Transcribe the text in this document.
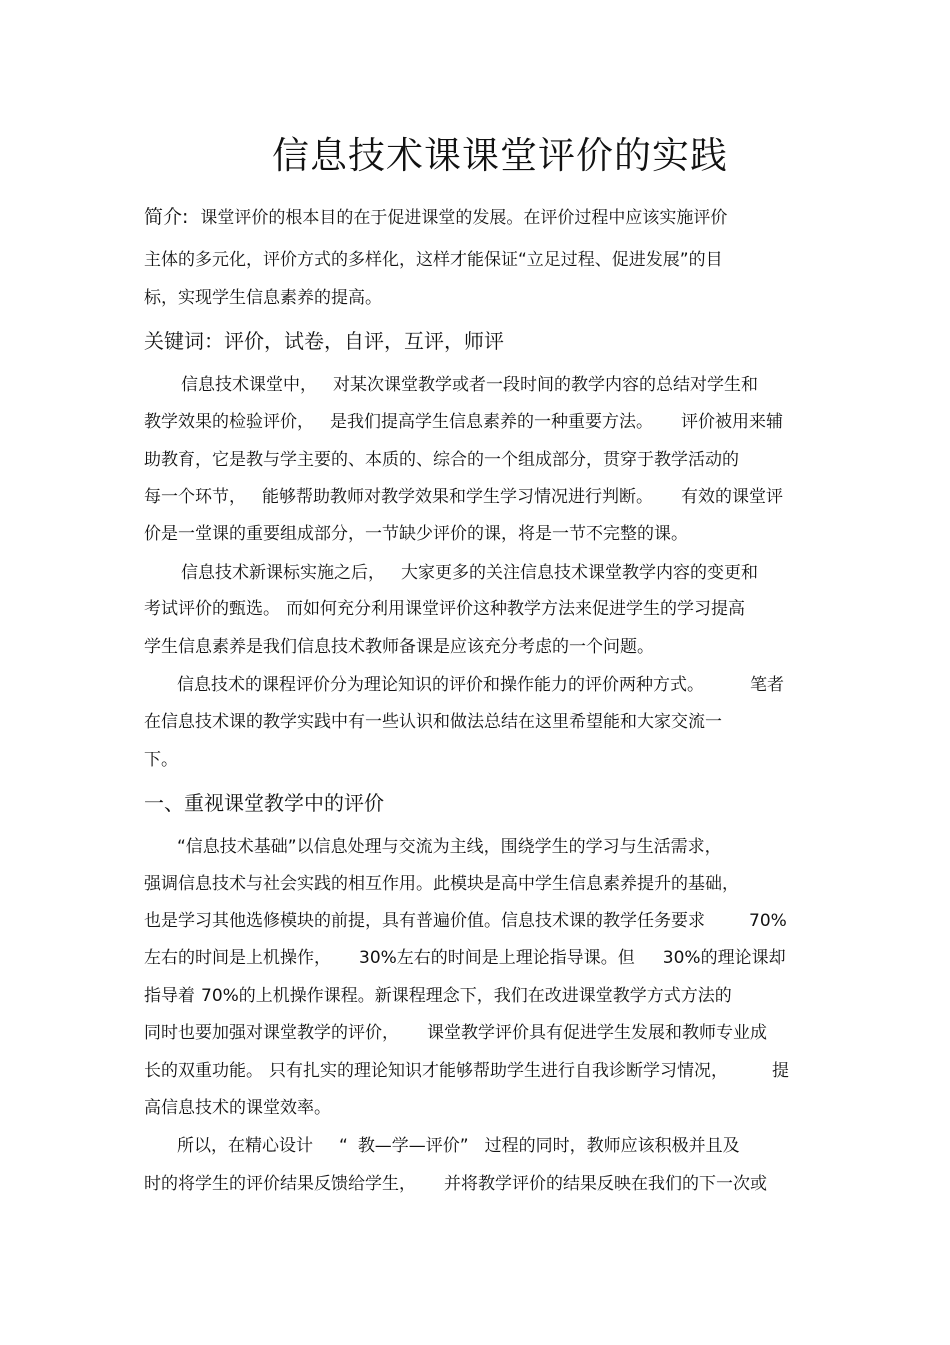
信息技术课课堂评价的实践
简介: 课堂评价的根本目的在于促进课堂的发展。在评价过程中应该实施评价
主体的多元化，评价方式的多样化，这样才能保证“立足过程、促进发展”的目
标，实现学生信息素养的提高。
关键词：评价，试卷，自评，互评，师评
信息技术课堂中， 对某次课堂教学或者一段时间的教学内容的总结对学生和
教学效果的检验评价， 是我们提高学生信息素养的一种重要方法。 评价被用来辅
助教育，它是教与学主要的、本质的、综合的一个组成部分，贯穿于教学活动的
每一个环节， 能够帮助教师对教学效果和学生学习情况进行判断。 有效的课堂评
价是一堂课的重要组成部分，一节缺少评价的课，将是一节不完整的课。
信息技术新课标实施之后， 大家更多的关注信息技术课堂教学内容的变更和
考试评价的甄选。 而如何充分利用课堂评价这种教学方法来促进学生的学习提高
学生信息素养是我们信息技术教师备课是应该充分考虑的一个问题。
信息技术的课程评价分为理论知识的评价和操作能力的评价两种方式。	笔者
在信息技术课的教学实践中有一些认识和做法总结在这里希望能和大家交流一
下。
一、重视课堂教学中的评价
“信息技术基础”以信息处理与交流为主线，围绕学生的学习与生活需求，
强调信息技术与社会实践的相互作用。此模块是高中学生信息素养提升的基础，
也是学习其他选修模块的前提，具有普遍价值。信息技术课的教学任务要求	70%
左右的时间是上机操作， 30%左右的时间是上理论指导课。但 30%的理论课却
指导着 70%的上机操作课程。新课程理念下，我们在改进课堂教学方式方法的
同时也要加强对课堂教学的评价， 课堂教学评价具有促进学生发展和教师专业成
长的双重功能。 只有扎实的理论知识才能够帮助学生进行自我诊断学习情况，	提
高信息技术的课堂效率。
所以，在精心设计 “ 教—学—评价” 过程的同时，教师应该积极并且及
时的将学生的评价结果反馈给学生， 并将教学评价的结果反映在我们的下一次或
